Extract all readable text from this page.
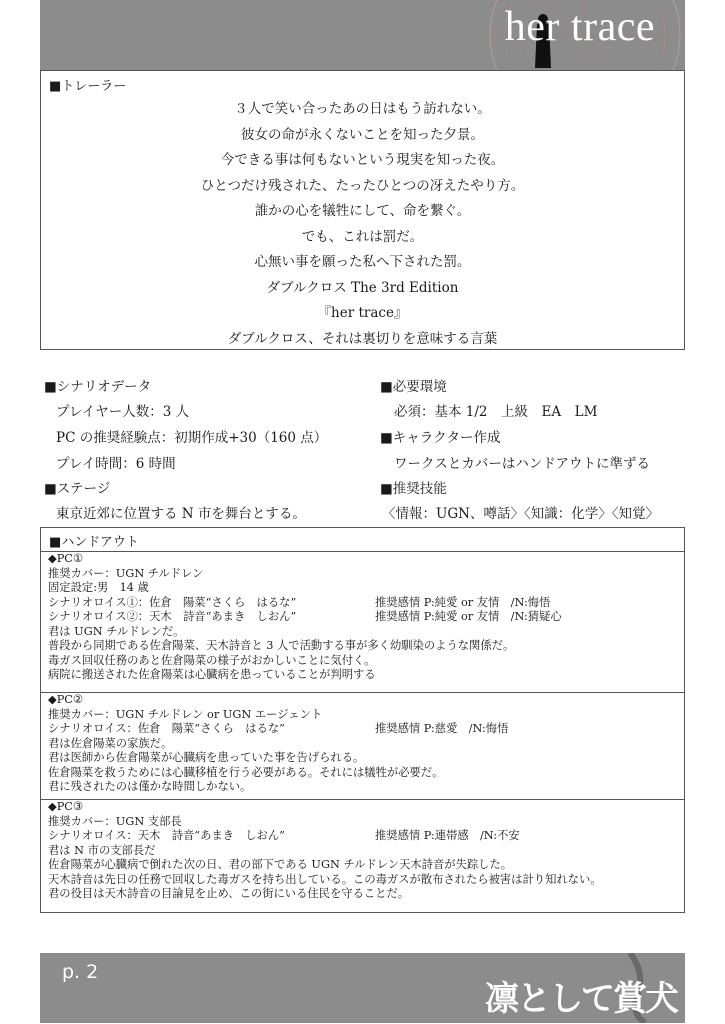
her trace
■トレーラー
３人で笑い合ったあの日はもう訪れない。
彼女の命が永くないことを知った夕景。
今できる事は何もないという現実を知った夜。
ひとつだけ残された、たったひとつの冴えたやり方。
誰かの心を犠牲にして、命を繋ぐ。
でも、これは罰だ。
心無い事を願った私へ下された罰。
ダブルクロス The 3rd Edition
『her trace』
ダブルクロス、それは裏切りを意味する言葉
■シナリオデータ
プレイヤー人数：3 人
PC の推奨経験点：初期作成+30（160 点）
プレイ時間：6 時間
■ステージ
東京近郊に位置する N 市を舞台とする。
■必要環境
必須：基本 1/2　上級　EA　LM
■キャラクター作成
ワークスとカバーはハンドアウトに準ずる
■推奨技能
〈情報：UGN、噂話〉〈知識：化学〉〈知覚〉
■ハンドアウト
◆PC①
推奨カバー：UGN チルドレン
固定設定:男　14 歳
シナリオロイス①：佐倉　陽菜“さくら　はるな”	推奨感情 P:純愛 or 友情　/N:悔悟
シナリオロイス②：天木　詩音“あまき　しおん”	推奨感情 P:純愛 or 友情　/N:猜疑心
君は UGN チルドレンだ。
普段から同期である佐倉陽菜、天木詩音と 3 人で活動する事が多く幼馴染のような関係だ。
毒ガス回収任務のあと佐倉陽菜の様子がおかしいことに気付く。
病院に搬送された佐倉陽菜は心臓病を患っていることが判明する
◆PC②
推奨カバー：UGN チルドレン or UGN エージェント
シナリオロイス：佐倉　陽菜“さくら　はるな”	推奨感情 P:慈愛　/N:悔悟
君は佐倉陽菜の家族だ。
君は医師から佐倉陽菜が心臓病を患っていた事を告げられる。
佐倉陽菜を救うためには心臓移植を行う必要がある。それには犠牲が必要だ。
君に残されたのは僅かな時間しかない。
◆PC③
推奨カバー：UGN 支部長
シナリオロイス：天木　詩音“あまき　しおん”	推奨感情 P:連帯感　/N:不安
君は N 市の支部長だ
佐倉陽菜が心臓病で倒れた次の日、君の部下である UGN チルドレン天木詩音が失踪した。
天木詩音は先日の任務で回収した毒ガスを持ち出している。この毒ガスが散布されたら被害は計り知れない。
君の役目は天木詩音の目論見を止め、この街にいる住民を守ることだ。
p. 2
凛として賞犬
